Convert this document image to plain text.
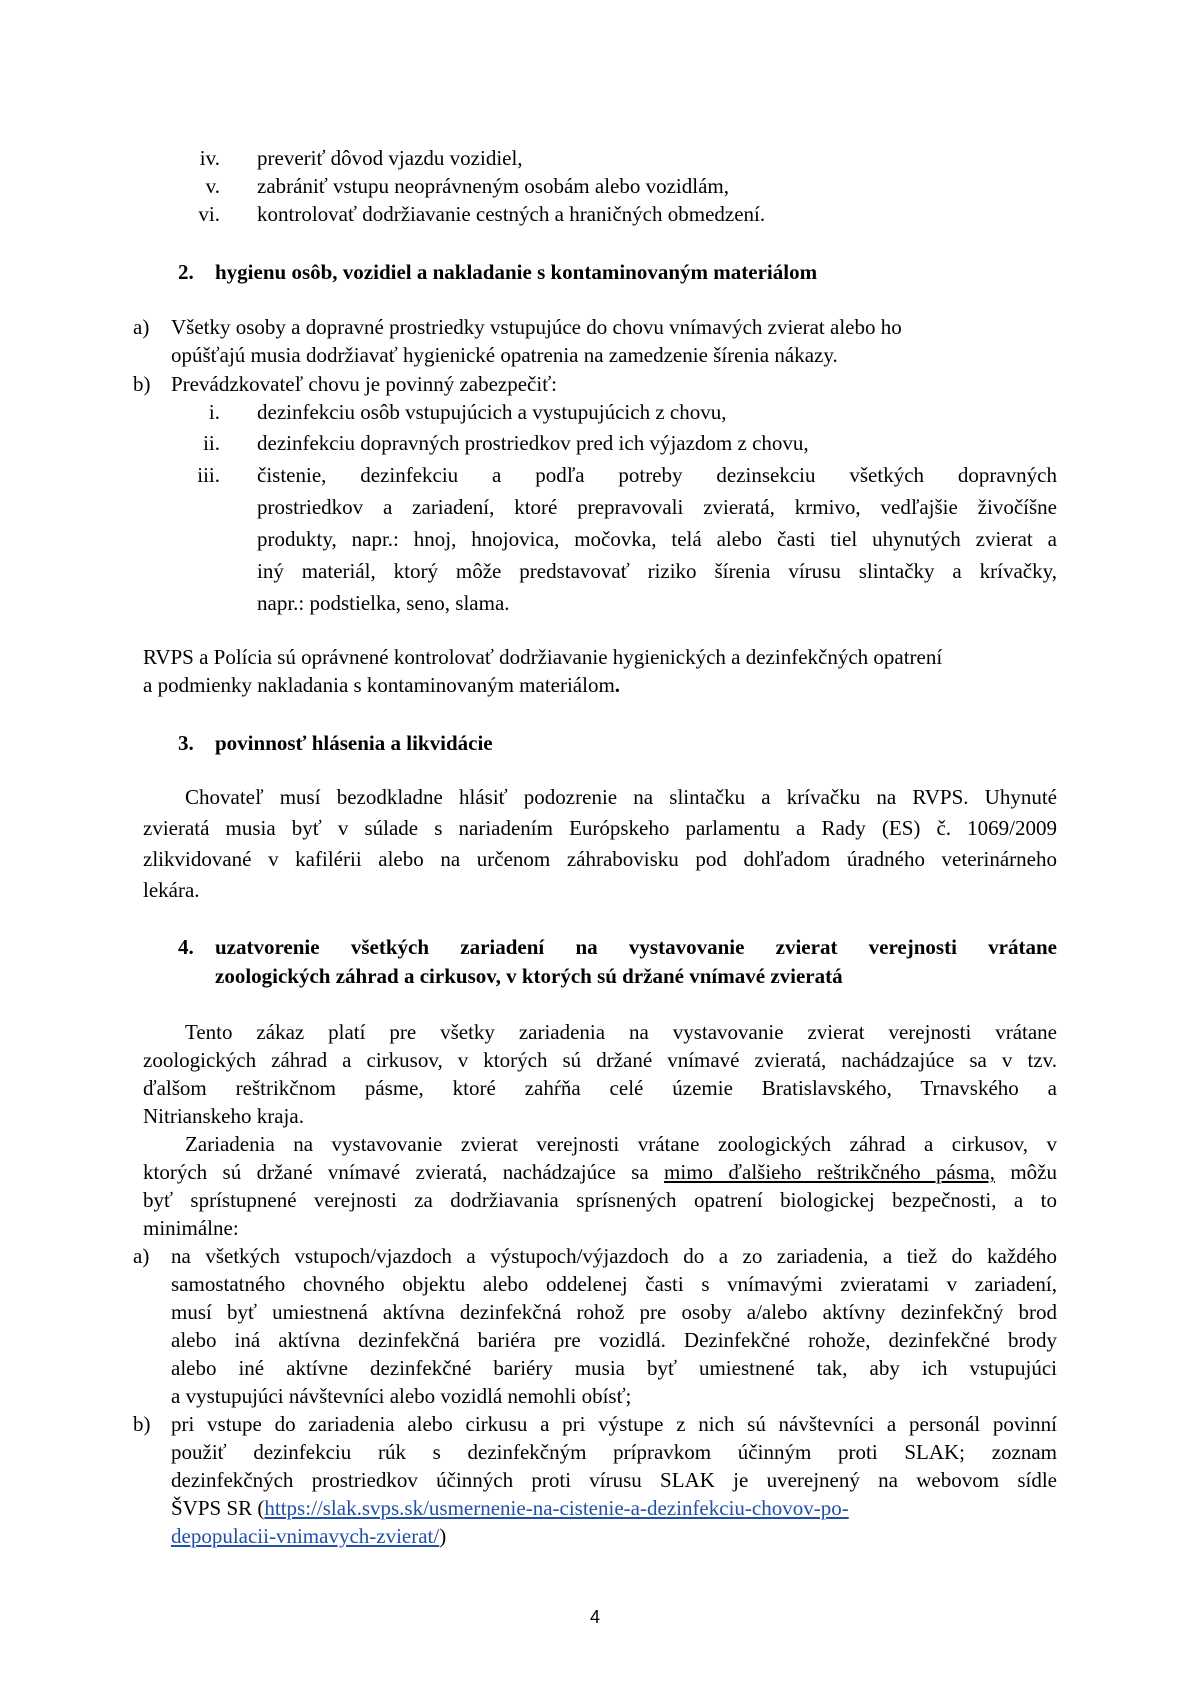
iv. preveriť dôvod vjazdu vozidiel,
v. zabrániť vstupu neoprávneným osobám alebo vozidlám,
vi. kontrolovať dodržiavanie cestných a hraničných obmedzení.
2. hygienu osôb, vozidiel a nakladanie s kontaminovaným materiálom
a) Všetky osoby a dopravné prostriedky vstupujúce do chovu vnímavých zvierat alebo ho
opúšťajú musia dodržiavať hygienické opatrenia na zamedzenie šírenia nákazy.
b) Prevádzkovateľ chovu je povinný zabezpečiť:
i. dezinfekciu osôb vstupujúcich a vystupujúcich z chovu,
ii. dezinfekciu dopravných prostriedkov pred ich výjazdom z chovu,
iii. čistenie, dezinfekciu a podľa potreby dezinsekciu všetkých dopravných
prostriedkov a zariadení, ktoré prepravovali zvieratá, krmivo, vedľajšie živočíšne
produkty, napr.: hnoj, hnojovica, močovka, telá alebo časti tiel uhynutých zvierat a
iný materiál, ktorý môže predstavovať riziko šírenia vírusu slintačky a krívačky,
napr.: podstielka, seno, slama.
RVPS a Polícia sú oprávnené kontrolovať dodržiavanie hygienických a dezinfekčných opatrení
a podmienky nakladania s kontaminovaným materiálom.
3. povinnosť hlásenia a likvidácie
Chovateľ musí bezodkladne hlásiť podozrenie na slintačku a krívačku na RVPS. Uhynuté
zvieratá musia byť v súlade s nariadením Európskeho parlamentu a Rady (ES) č. 1069/2009
zlikvidované v kafilérii alebo na určenom záhrabovisku pod dohľadom úradného veterinárneho
lekára.
4. uzatvorenie všetkých zariadení na vystavovanie zvierat verejnosti vrátane
zoologických záhrad a cirkusov, v ktorých sú držané vnímavé zvieratá
Tento zákaz platí pre všetky zariadenia na vystavovanie zvierat verejnosti vrátane
zoologických záhrad a cirkusov, v ktorých sú držané vnímavé zvieratá, nachádzajúce sa v tzv.
ďalšom reštrikčnom pásme, ktoré zahŕňa celé územie Bratislavského, Trnavského a
Nitrianskeho kraja.
Zariadenia na vystavovanie zvierat verejnosti vrátane zoologických záhrad a cirkusov, v
ktorých sú držané vnímavé zvieratá, nachádzajúce sa mimo ďalšieho reštrikčného pásma, môžu
byť sprístupnené verejnosti za dodržiavania sprísnených opatrení biologickej bezpečnosti, a to
minimálne:
a) na všetkých vstupoch/vjazdoch a výstupoch/výjazdoch do a zo zariadenia, a tiež do každého
samostatného chovného objektu alebo oddelenej časti s vnímavými zvieratami v zariadení,
musí byť umiestnená aktívna dezinfekčná rohož pre osoby a/alebo aktívny dezinfekčný brod
alebo iná aktívna dezinfekčná bariéra pre vozidlá. Dezinfekčné rohože, dezinfekčné brody
alebo iné aktívne dezinfekčné bariéry musia byť umiestnené tak, aby ich vstupujúci
a vystupujúci návštevníci alebo vozidlá nemohli obísť;
b) pri vstupe do zariadenia alebo cirkusu a pri výstupe z nich sú návštevníci a personál povinní
použiť dezinfekciu rúk s dezinfekčným prípravkom účinným proti SLAK; zoznam
dezinfekčných prostriedkov účinných proti vírusu SLAK je uverejnený na webovom sídle
ŠVPS SR (https://slak.svps.sk/usmernenie-na-cistenie-a-dezinfekciu-chovov-po-
depopulacii-vnimavych-zvierat/)
4
